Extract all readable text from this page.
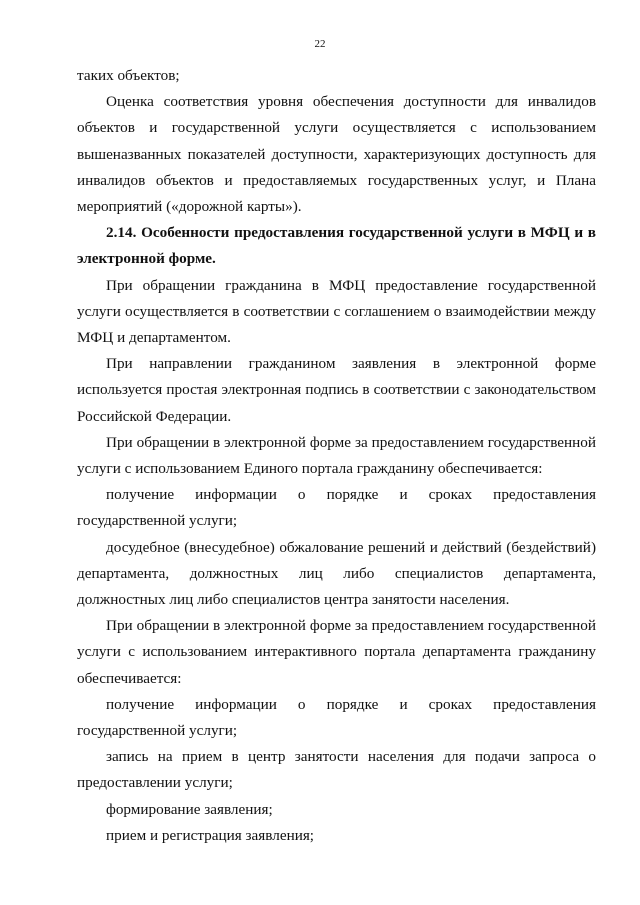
22

таких объектов;

Оценка соответствия уровня обеспечения доступности для инвалидов объектов и государственной услуги осуществляется с использованием вышеназванных показателей доступности, характеризующих доступность для инвалидов объектов и предоставляемых государственных услуг, и Плана мероприятий («дорожной карты»).

2.14. Особенности предоставления государственной услуги в МФЦ и в электронной форме.

При обращении гражданина в МФЦ предоставление государственной услуги осуществляется в соответствии с соглашением о взаимодействии между МФЦ и департаментом.

При направлении гражданином заявления в электронной форме используется простая электронная подпись в соответствии с законодательством Российской Федерации.

При обращении в электронной форме за предоставлением государственной услуги с использованием Единого портала гражданину обеспечивается:

получение информации о порядке и сроках предоставления государственной услуги;

досудебное (внесудебное) обжалование решений и действий (бездействий) департамента, должностных лиц либо специалистов департамента, должностных лиц либо специалистов центра занятости населения.

При обращении в электронной форме за предоставлением государственной услуги с использованием интерактивного портала департамента гражданину обеспечивается:

получение информации о порядке и сроках предоставления государственной услуги;

запись на прием в центр занятости населения для подачи запроса о предоставлении услуги;

формирование заявления;

прием и регистрация заявления;
